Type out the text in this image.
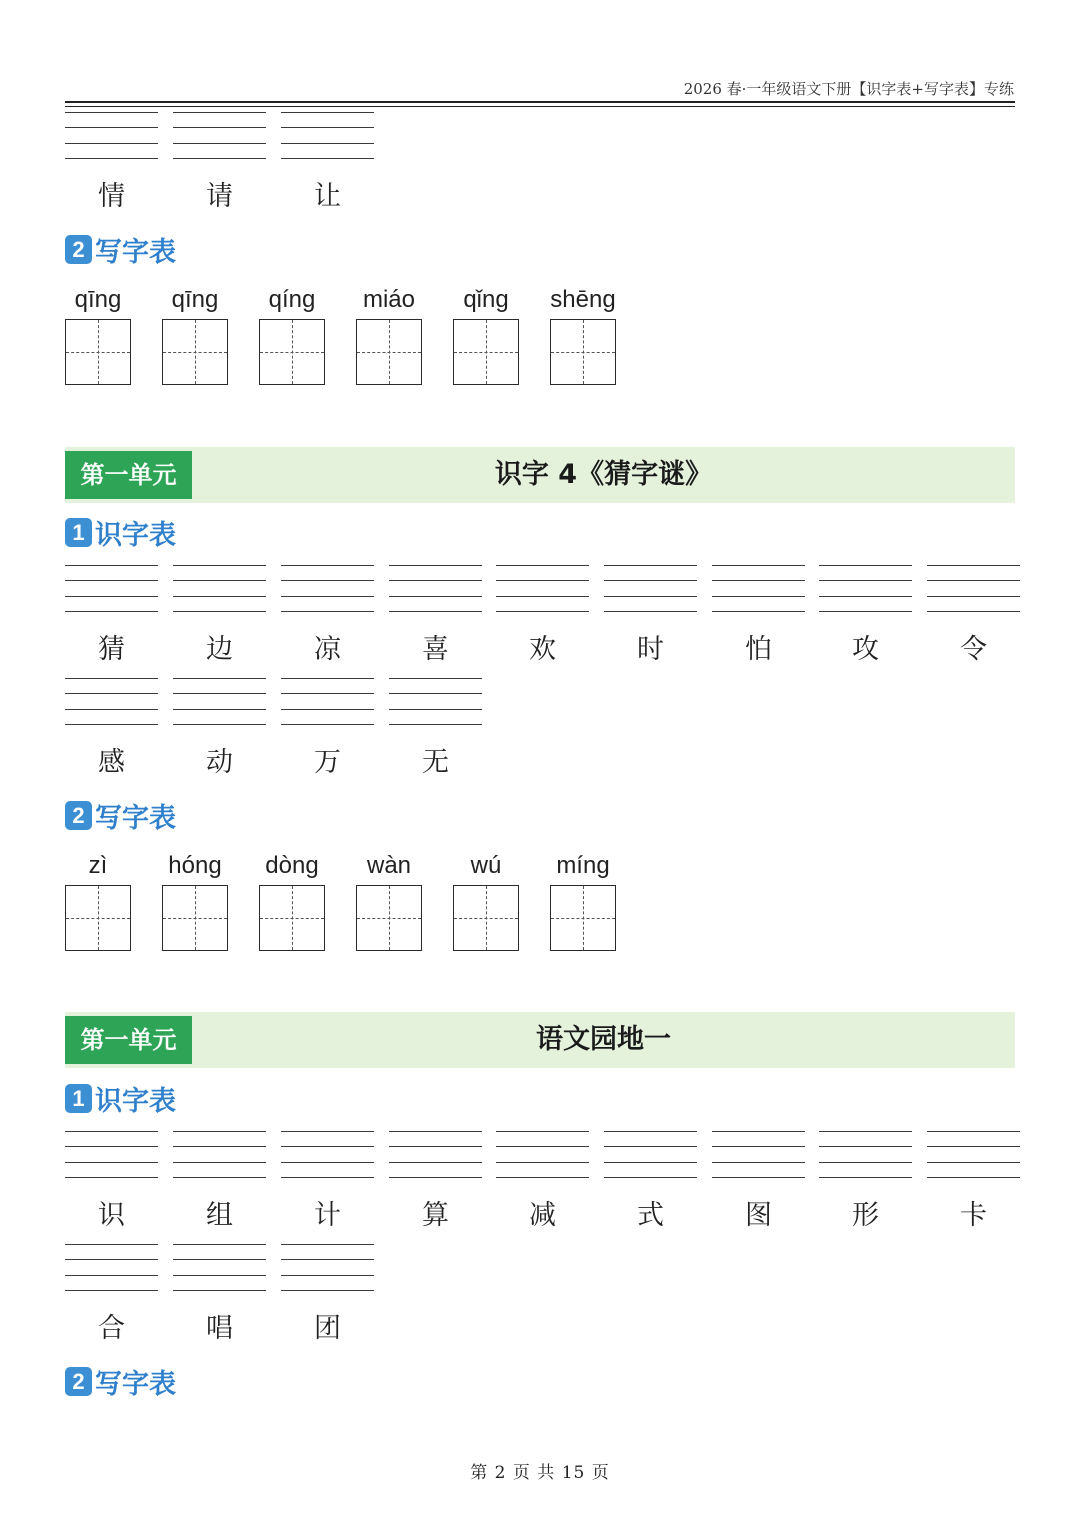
2026 春·一年级语文下册【识字表+写字表】专练
情	请	让
2 写字表
qīng	qīng	qíng	miáo	qǐng	shēng
第一单元	识字 4《猜字谜》
1 识字表
猜	边	凉	喜	欢	时	怕	攻	令
感	动	万	无
2 写字表
zì	hóng	dòng	wàn	wú	míng
第一单元	语文园地一
1 识字表
识	组	计	算	减	式	图	形	卡
合	唱	团
2 写字表
第 2 页 共 15 页
